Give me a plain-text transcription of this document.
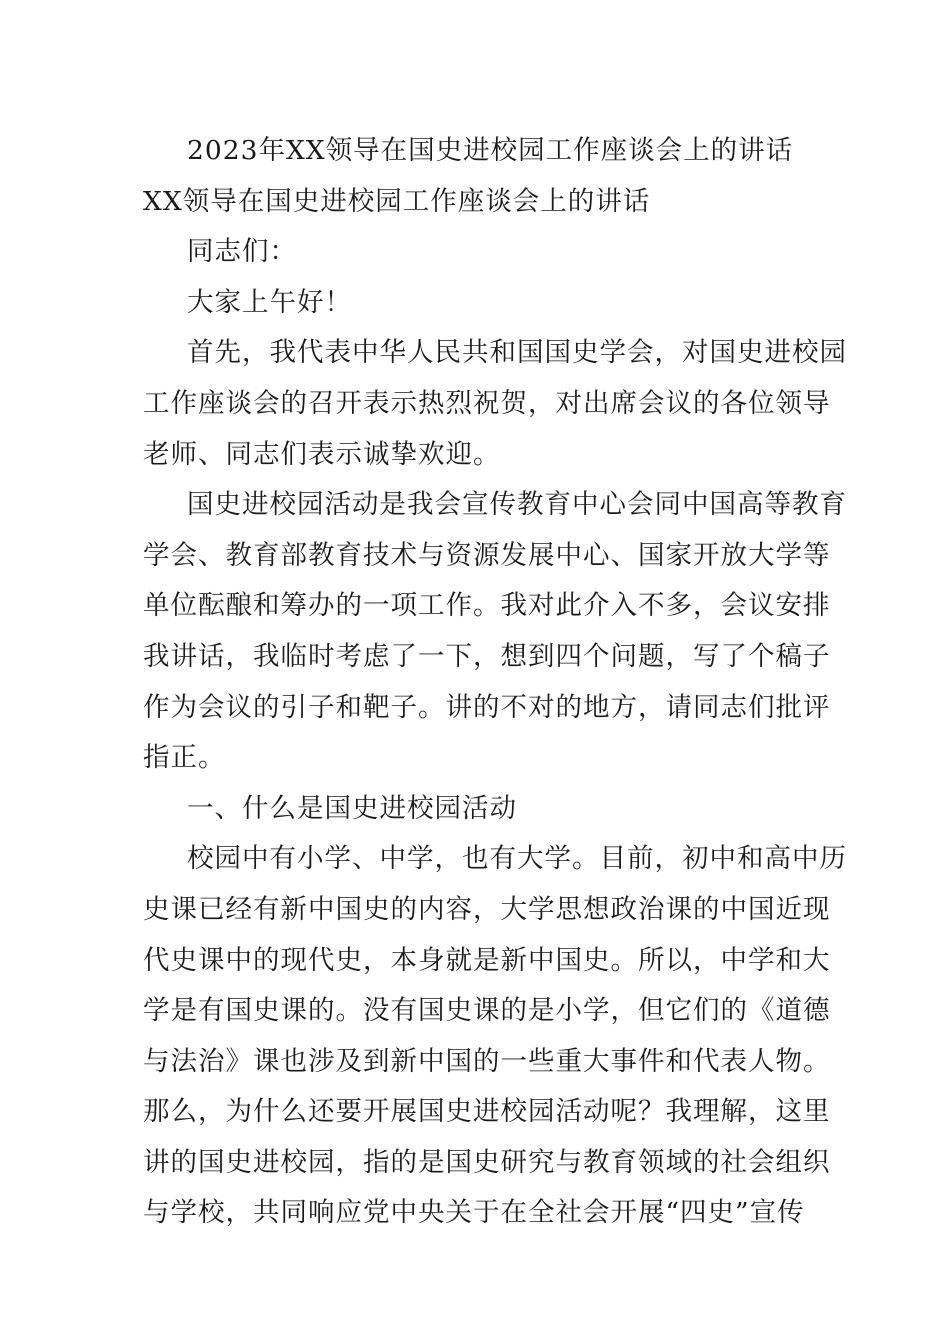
2023年XX领导在国史进校园工作座谈会上的讲话
XX领导在国史进校园工作座谈会上的讲话
同志们：
大家上午好！
首先，我代表中华人民共和国国史学会，对国史进校园
工作座谈会的召开表示热烈祝贺，对出席会议的各位领导
老师、同志们表示诚挚欢迎。
国史进校园活动是我会宣传教育中心会同中国高等教育
学会、教育部教育技术与资源发展中心、国家开放大学等
单位酝酿和筹办的一项工作。我对此介入不多，会议安排
我讲话，我临时考虑了一下，想到四个问题，写了个稿子
作为会议的引子和靶子。讲的不对的地方，请同志们批评
指正。
一、什么是国史进校园活动
校园中有小学、中学，也有大学。目前，初中和高中历
史课已经有新中国史的内容，大学思想政治课的中国近现
代史课中的现代史，本身就是新中国史。所以，中学和大
学是有国史课的。没有国史课的是小学，但它们的《道德
与法治》课也涉及到新中国的一些重大事件和代表人物。
那么，为什么还要开展国史进校园活动呢？我理解，这里
讲的国史进校园，指的是国史研究与教育领域的社会组织
与学校，共同响应党中央关于在全社会开展“四史”宣传
